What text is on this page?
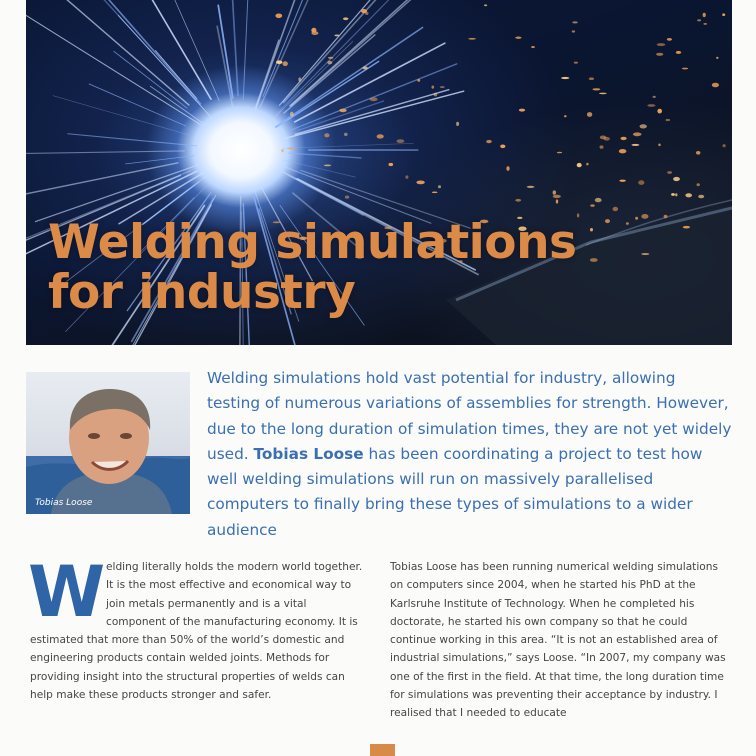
Welding simulations
for industry
Tobias Loose

Welding simulations hold vast potential for industry, allowing testing of numerous variations of assemblies for strength. However, due to the long duration of simulation times, they are not yet widely used. Tobias Loose has been coordinating a project to test how well welding simulations will run on massively parallelised computers to finally bring these types of simulations to a wider audience

W elding literally holds the modern world together. It is the most effective and economical way to join metals permanently and is a vital component of the manufacturing economy. It is estimated that more than 50% of the world’s domestic and engineering products contain welded joints. Methods for providing insight into the structural properties of welds can help make these products stronger and safer.
Tobias Loose has been running numerical welding simulations on computers since 2004, when he started his PhD at the Karlsruhe Institute of Technology. When he completed his doctorate, he started his own company so that he could continue working in this area. “It is not an established area of industrial simulations,” says Loose. “In 2007, my company was one of the first in the field. At that time, the long duration time for simulations was preventing their acceptance by industry. I realised that I needed to educate
